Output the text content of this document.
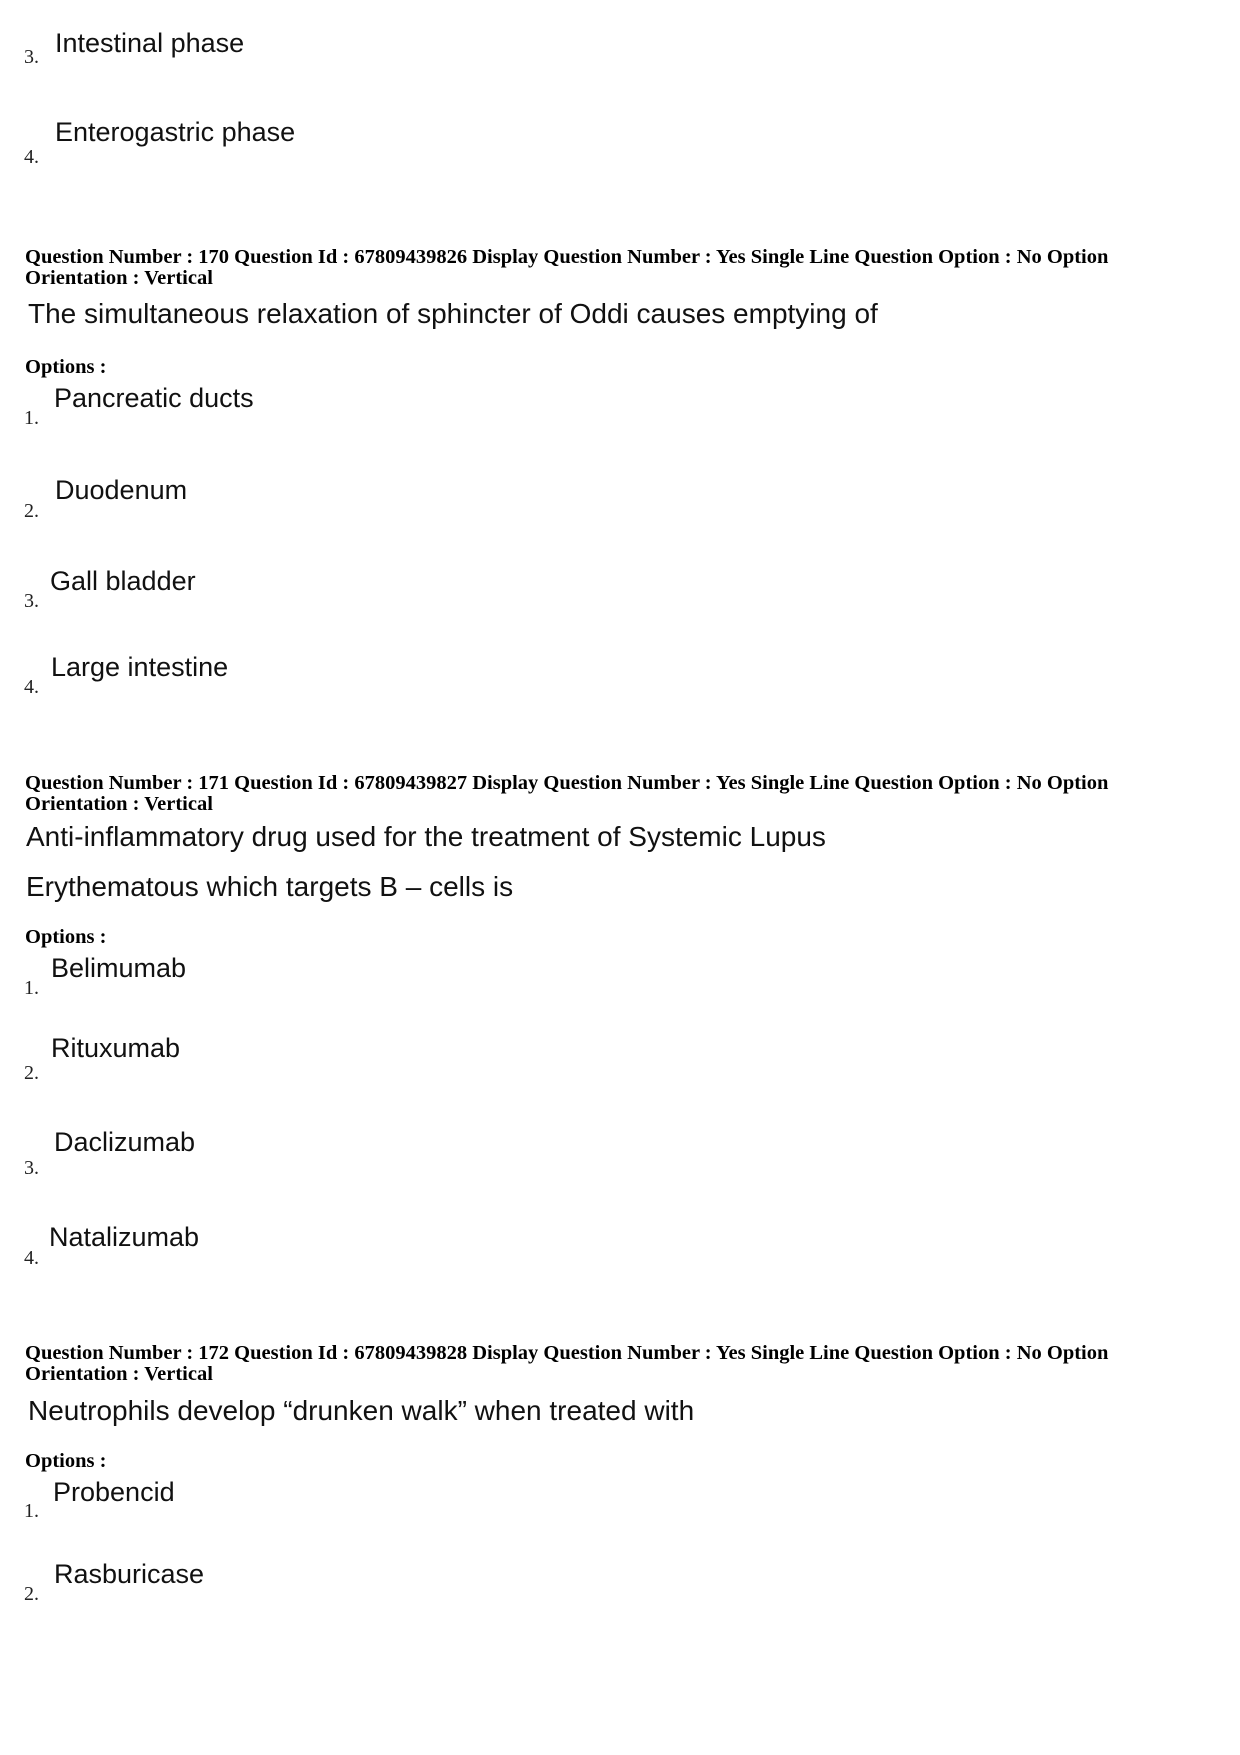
3. Intestinal phase
4.
Enterogastric phase
Question Number : 170 Question Id : 67809439826 Display Question Number : Yes Single Line Question Option : No Option
Orientation : Vertical
The simultaneous relaxation of sphincter of Oddi causes emptying of
Options :
1.
Pancreatic ducts
2.
Duodenum
3.
Gall bladder
4.
Large intestine
Question Number : 171 Question Id : 67809439827 Display Question Number : Yes Single Line Question Option : No Option
Orientation : Vertical
Anti-inflammatory drug used for the treatment of Systemic Lupus
Erythematous which targets B – cells is
Options :
1.
Belimumab
2.
Rituxumab
3.
Daclizumab
4.
Natalizumab
Question Number : 172 Question Id : 67809439828 Display Question Number : Yes Single Line Question Option : No Option
Orientation : Vertical
Neutrophils develop “drunken walk” when treated with
Options :
1.
Probencid
2.
Rasburicase
